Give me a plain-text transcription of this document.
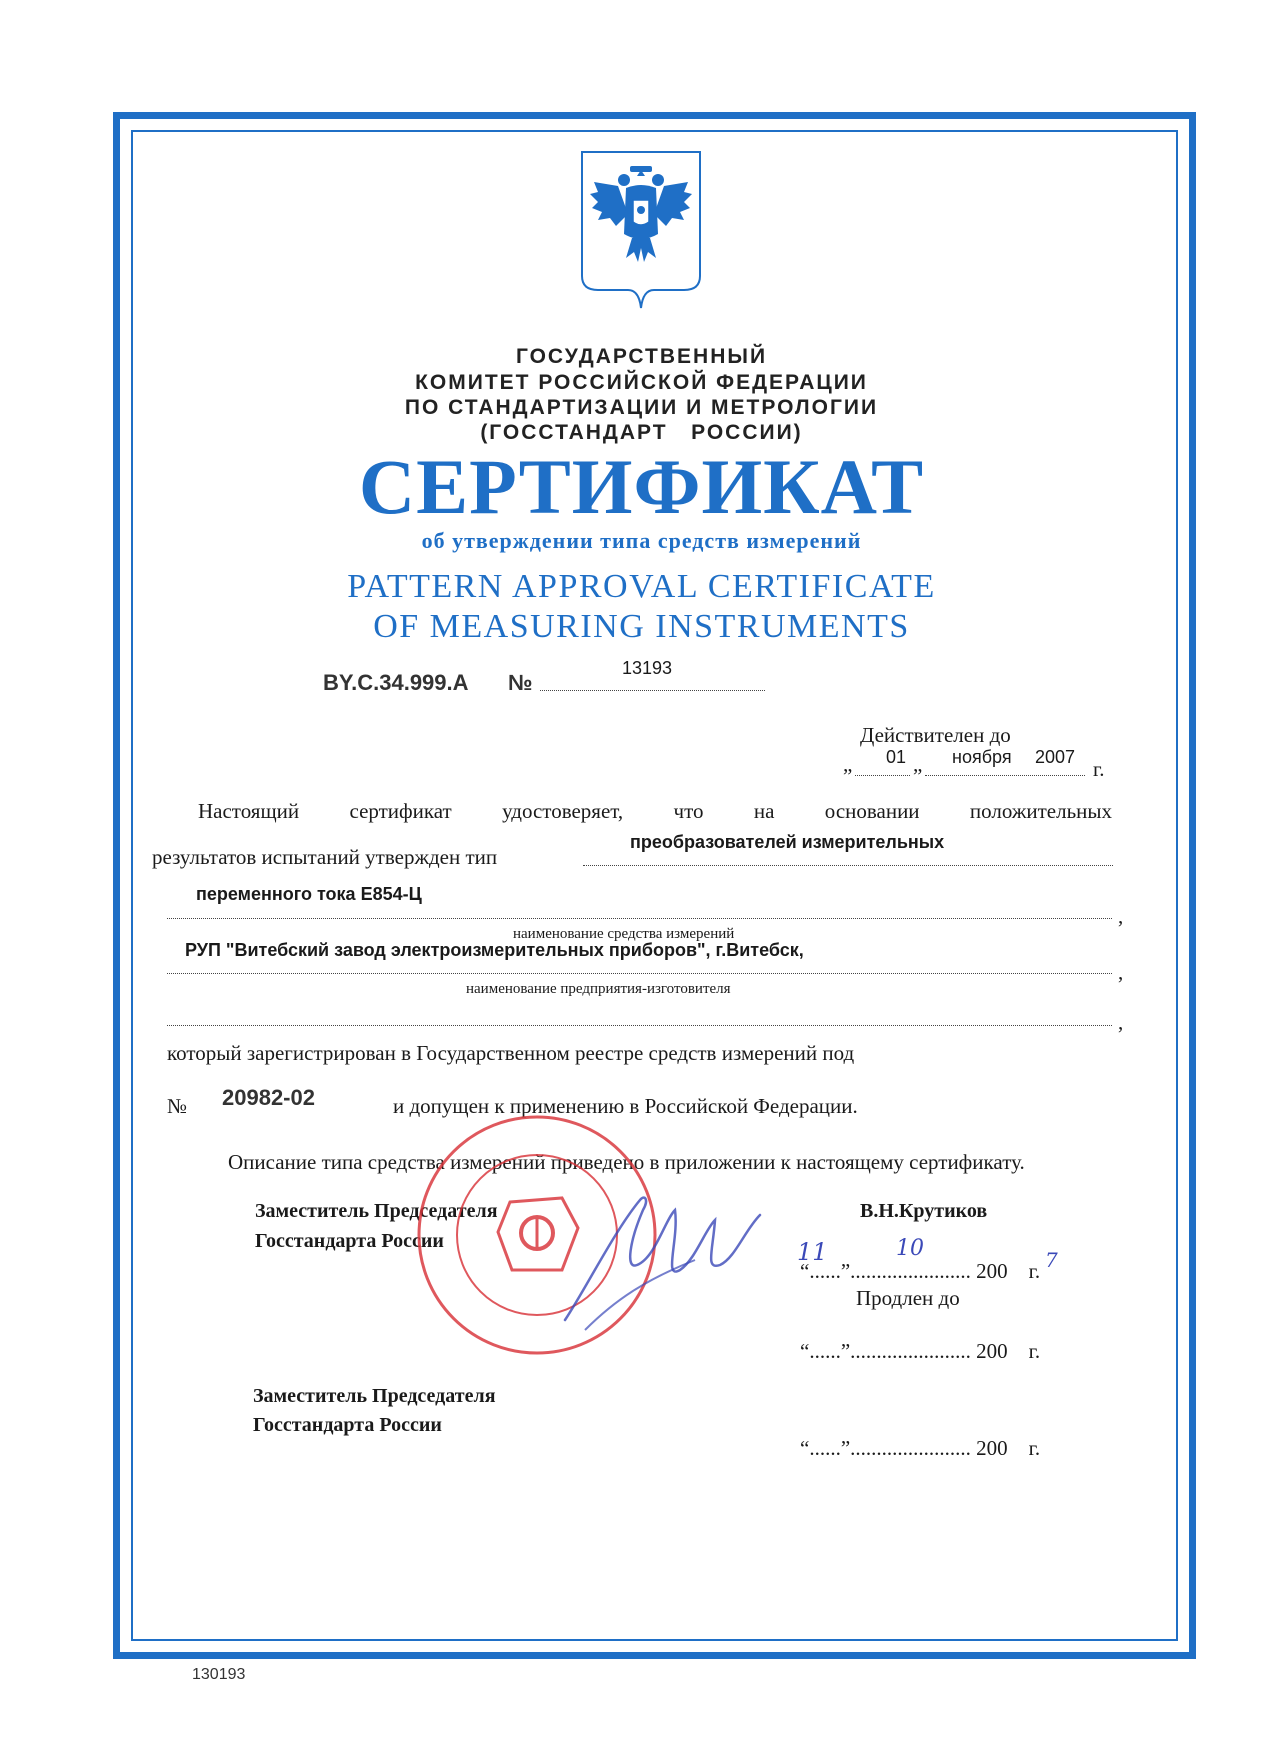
ГОСУДАРСТВЕННЫЙ
КОМИТЕТ РОССИЙСКОЙ ФЕДЕРАЦИИ
ПО СТАНДАРТИЗАЦИИ И МЕТРОЛОГИИ
(ГОССТАНДАРТ   РОССИИ)
СЕРТИФИКАТ
об утверждении типа средств измерений
PATTERN APPROVAL CERTIFICATE
OF MEASURING INSTRUMENTS
BY.C.34.999.A №
13193
Действителен до
„ 01 „ ноября 2007 г.
Настоящий сертификат удостоверяет, что на основании положительных
результатов испытаний утвержден тип
преобразователей измерительных
переменного тока Е854-Ц
,
наименование средства измерений
РУП "Витебский завод электроизмерительных приборов", г.Витебск,
,
наименование предприятия-изготовителя
,
который зарегистрирован в Государственном реестре средств измерений под
№ 20982-02	и допущен к применению в Российской Федерации.
Описание типа средства измерений приведено в приложении к настоящему сертификату.
Заместитель Председателя
Госстандарта России
В.Н.Крутиков
“......”....................... 200    г.
Продлен до
“......”....................... 200    г.
Заместитель Председателя
Госстандарта России
“......”....................... 200    г.
11	10	7
130193
